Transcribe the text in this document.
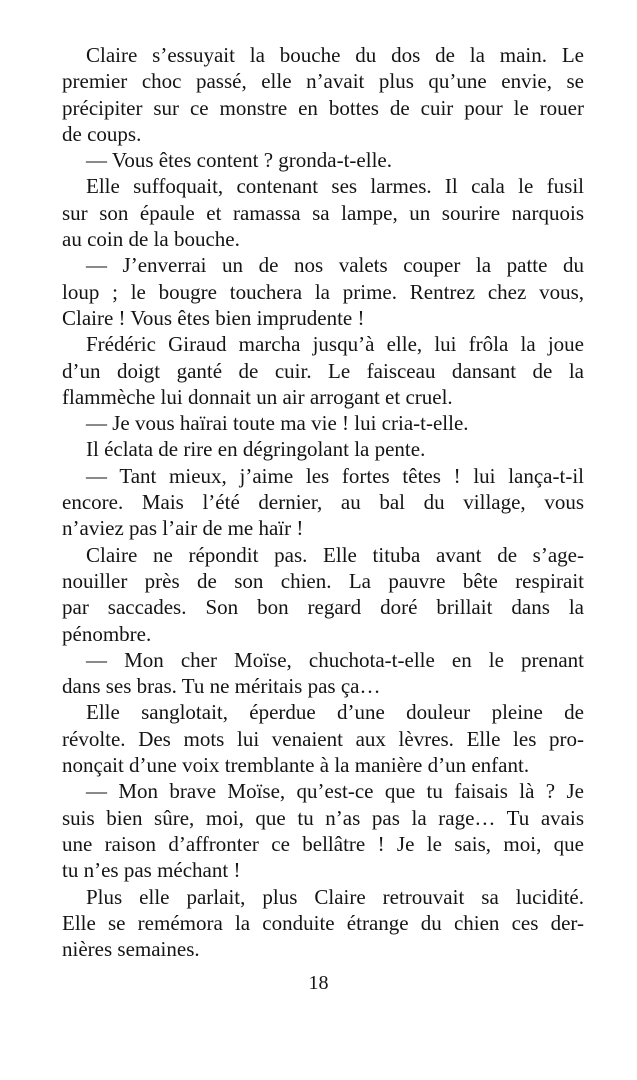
Claire s’essuyait la bouche du dos de la main. Le
premier choc passé, elle n’avait plus qu’une envie, se
précipiter sur ce monstre en bottes de cuir pour le rouer
de coups.
— Vous êtes content ? gronda-t-elle.
Elle suffoquait, contenant ses larmes. Il cala le fusil
sur son épaule et ramassa sa lampe, un sourire narquois
au coin de la bouche.
— J’enverrai un de nos valets couper la patte du
loup ; le bougre touchera la prime. Rentrez chez vous,
Claire ! Vous êtes bien imprudente !
Frédéric Giraud marcha jusqu’à elle, lui frôla la joue
d’un doigt ganté de cuir. Le faisceau dansant de la
flammèche lui donnait un air arrogant et cruel.
— Je vous haïrai toute ma vie ! lui cria-t-elle.
Il éclata de rire en dégringolant la pente.
— Tant mieux, j’aime les fortes têtes ! lui lança-t-il
encore. Mais l’été dernier, au bal du village, vous
n’aviez pas l’air de me haïr !
Claire ne répondit pas. Elle tituba avant de s’age-
nouiller près de son chien. La pauvre bête respirait
par saccades. Son bon regard doré brillait dans la
pénombre.
— Mon cher Moïse, chuchota-t-elle en le prenant
dans ses bras. Tu ne méritais pas ça…
Elle sanglotait, éperdue d’une douleur pleine de
révolte. Des mots lui venaient aux lèvres. Elle les pro-
nonçait d’une voix tremblante à la manière d’un enfant.
— Mon brave Moïse, qu’est-ce que tu faisais là ? Je
suis bien sûre, moi, que tu n’as pas la rage… Tu avais
une raison d’affronter ce bellâtre ! Je le sais, moi, que
tu n’es pas méchant !
Plus elle parlait, plus Claire retrouvait sa lucidité.
Elle se remémora la conduite étrange du chien ces der-
nières semaines.
18
